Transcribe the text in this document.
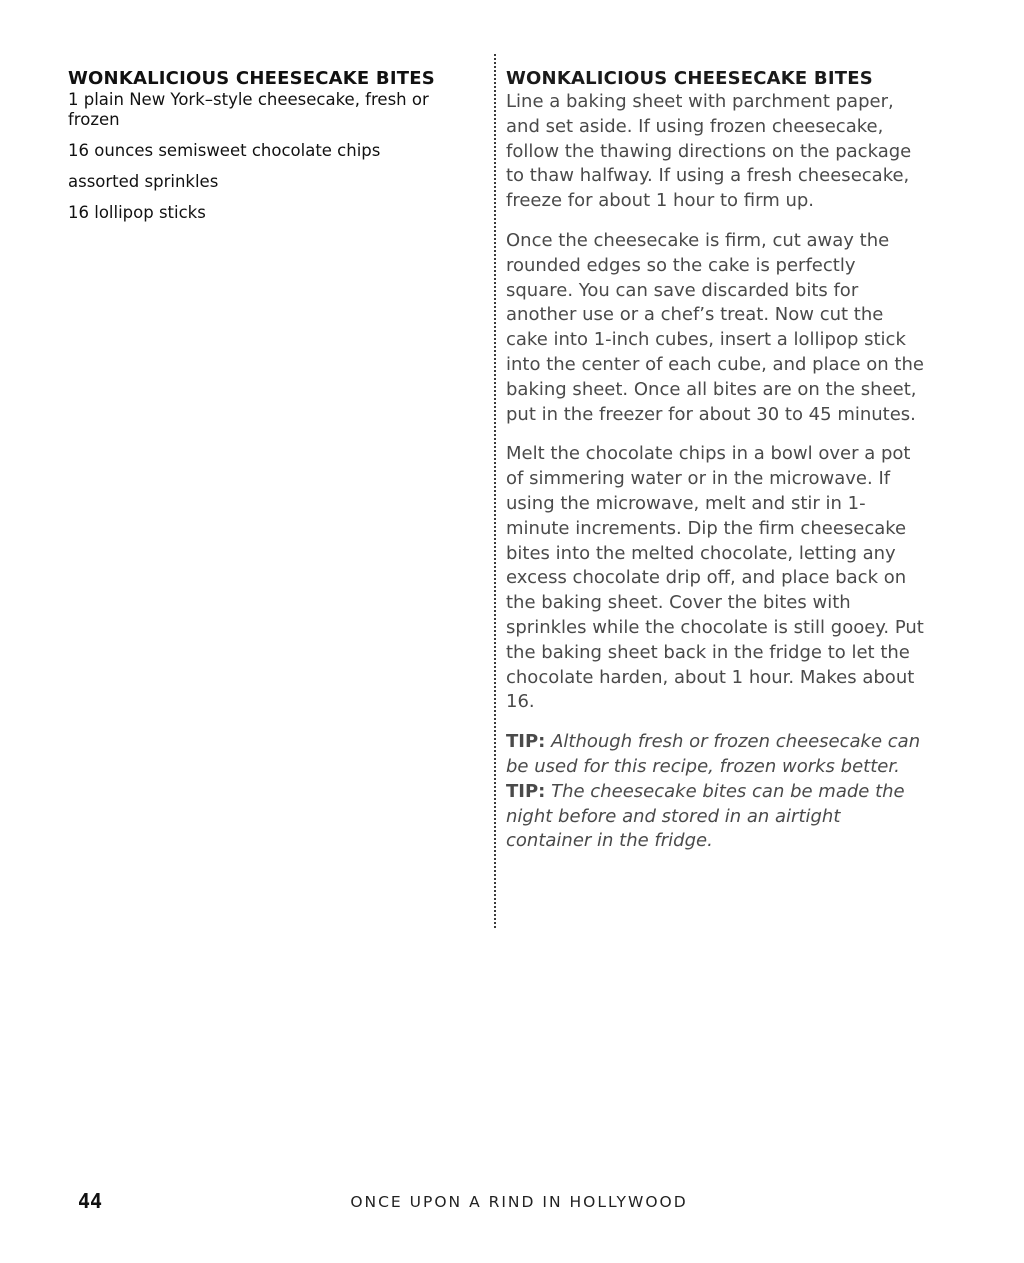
WONKALICIOUS CHEESECAKE BITES

1 plain New York–style cheesecake, fresh or frozen

16 ounces semisweet chocolate chips

assorted sprinkles

16 lollipop sticks

WONKALICIOUS CHEESECAKE BITES

Line a baking sheet with parchment paper, and set aside. If using frozen cheesecake, follow the thawing directions on the package to thaw halfway. If using a fresh cheesecake, freeze for about 1 hour to firm up.

Once the cheesecake is firm, cut away the rounded edges so the cake is perfectly square. You can save discarded bits for another use or a chef’s treat. Now cut the cake into 1-inch cubes, insert a lollipop stick into the center of each cube, and place on the baking sheet. Once all bites are on the sheet, put in the freezer for about 30 to 45 minutes.

Melt the chocolate chips in a bowl over a pot of simmering water or in the microwave. If using the microwave, melt and stir in 1-minute increments. Dip the firm cheesecake bites into the melted chocolate, letting any excess chocolate drip off, and place back on the baking sheet. Cover the bites with sprinkles while the chocolate is still gooey. Put the baking sheet back in the fridge to let the chocolate harden, about 1 hour. Makes about 16.

TIP: Although fresh or frozen cheesecake can be used for this recipe, frozen works better.

TIP: The cheesecake bites can be made the night before and stored in an airtight container in the fridge.

44	ONCE UPON A RIND IN HOLLYWOOD
